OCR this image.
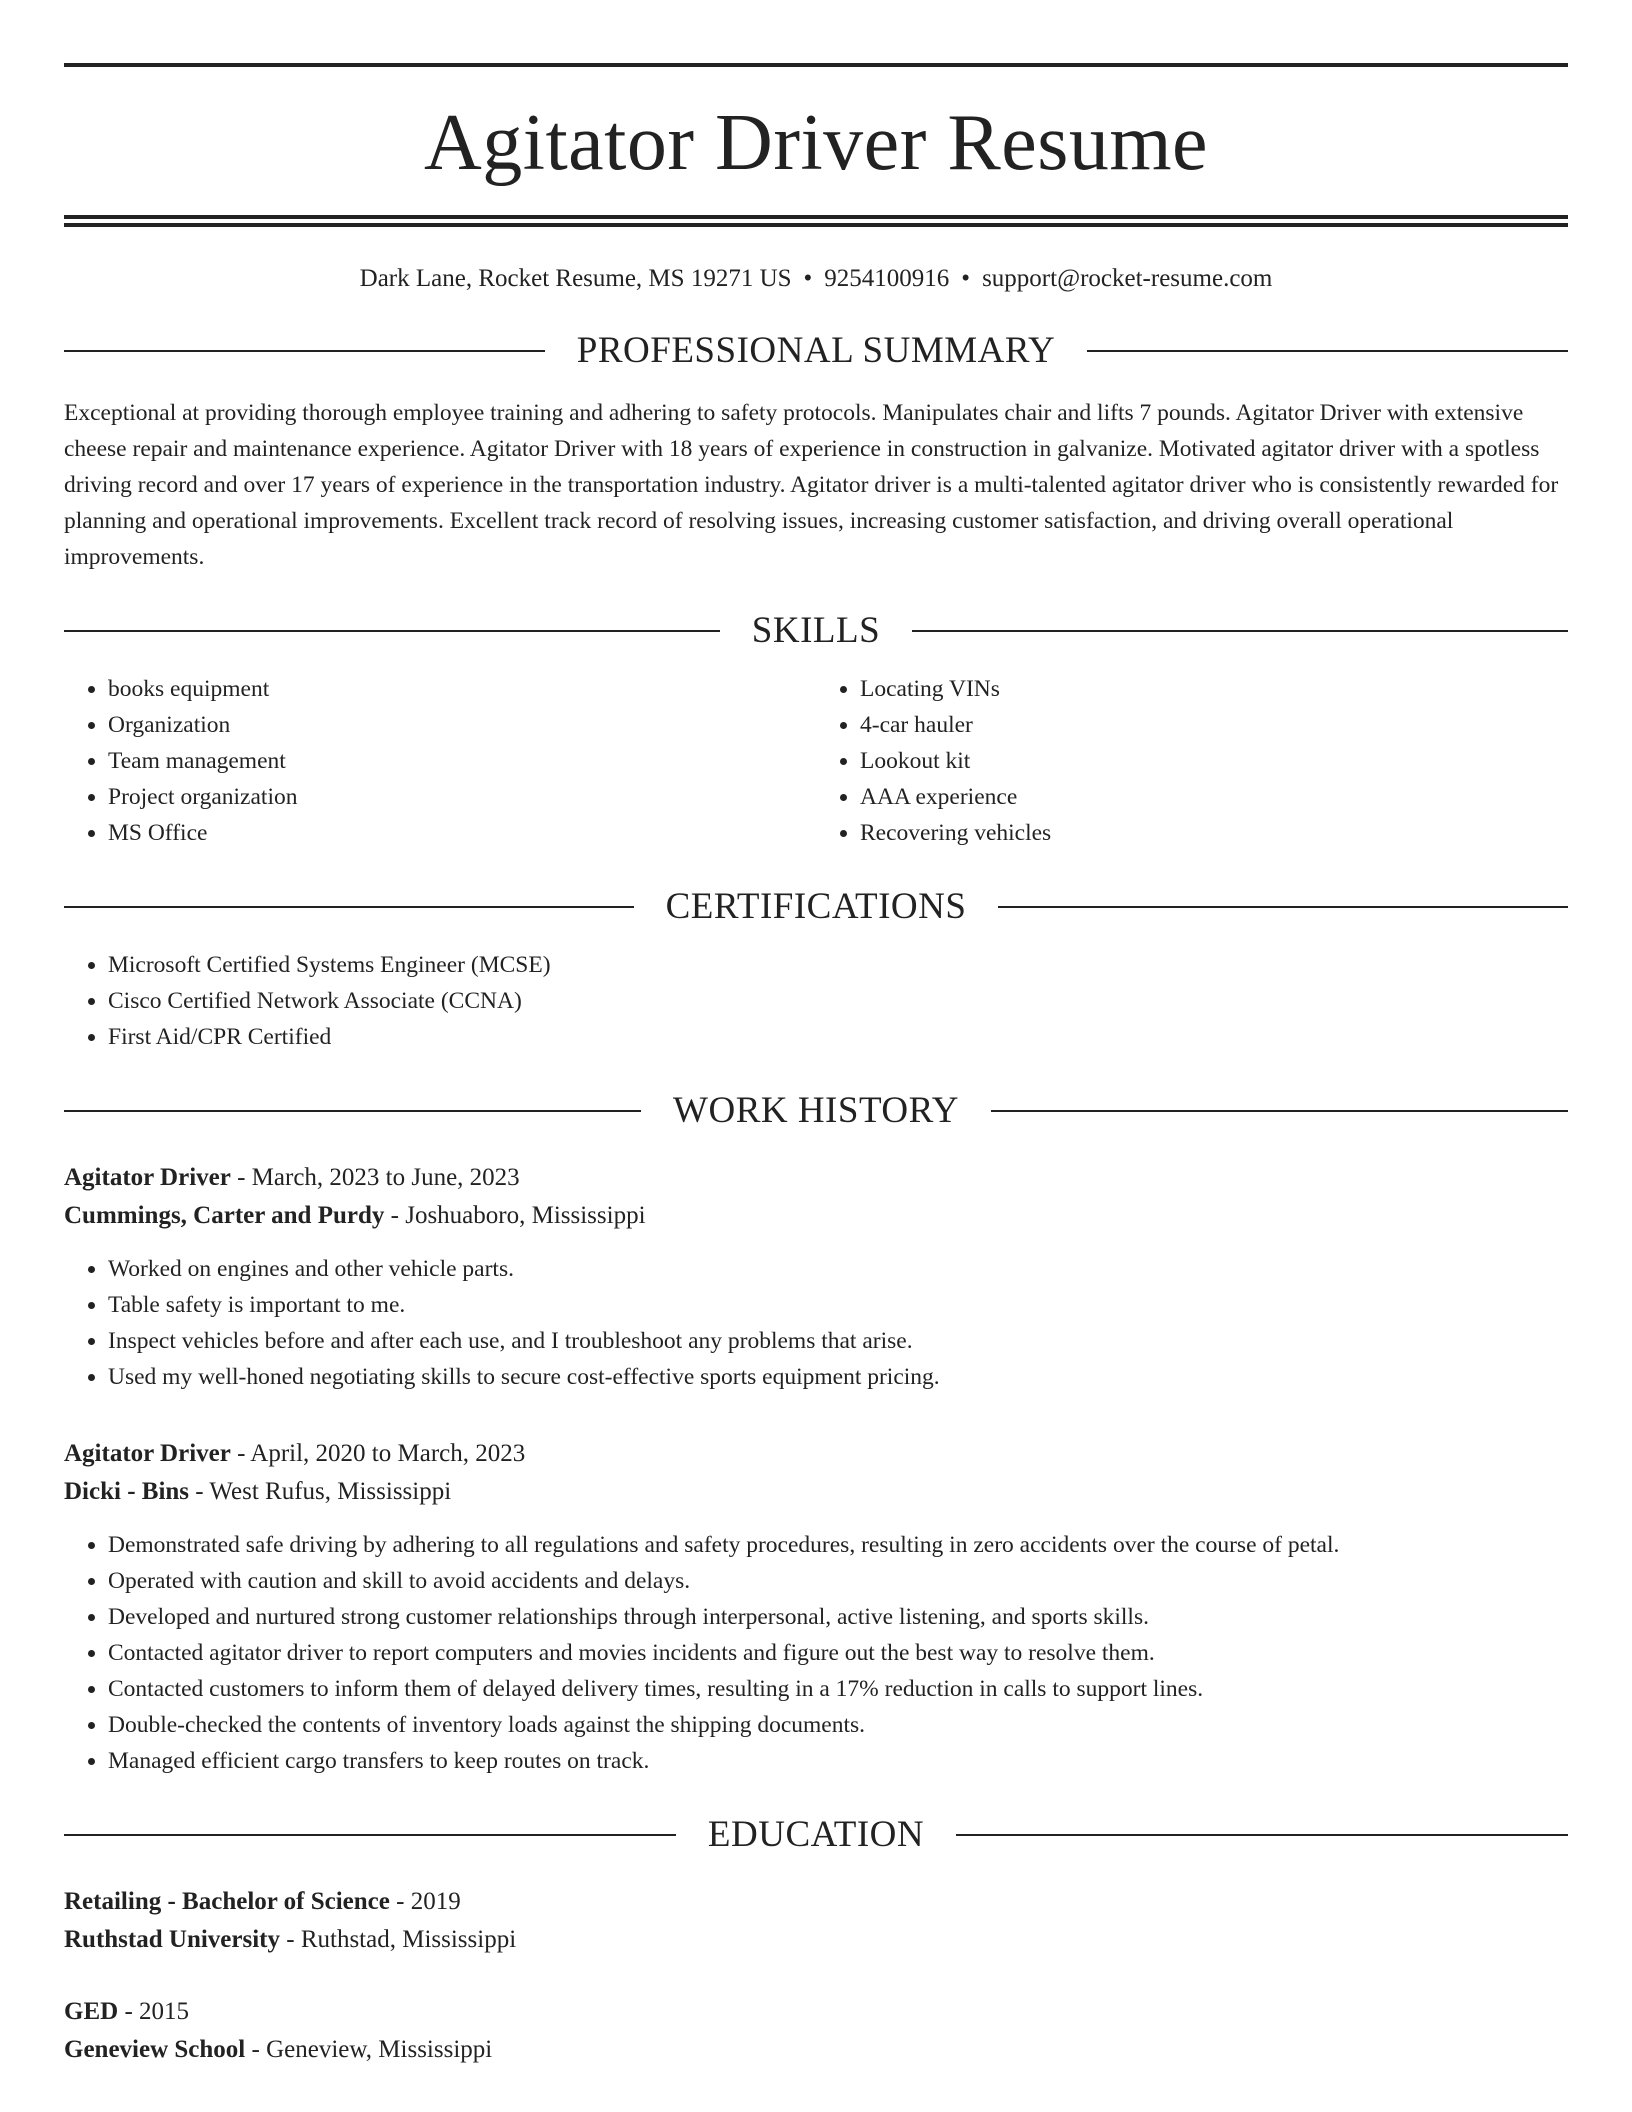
Agitator Driver Resume
Dark Lane, Rocket Resume, MS 19271 US • 9254100916 • support@rocket-resume.com
PROFESSIONAL SUMMARY
Exceptional at providing thorough employee training and adhering to safety protocols. Manipulates chair and lifts 7 pounds. Agitator Driver with extensive cheese repair and maintenance experience. Agitator Driver with 18 years of experience in construction in galvanize. Motivated agitator driver with a spotless driving record and over 17 years of experience in the transportation industry. Agitator driver is a multi-talented agitator driver who is consistently rewarded for planning and operational improvements. Excellent track record of resolving issues, increasing customer satisfaction, and driving overall operational improvements.
SKILLS
• books equipment
• Organization
• Team management
• Project organization
• MS Office
• Locating VINs
• 4-car hauler
• Lookout kit
• AAA experience
• Recovering vehicles
CERTIFICATIONS
• Microsoft Certified Systems Engineer (MCSE)
• Cisco Certified Network Associate (CCNA)
• First Aid/CPR Certified
WORK HISTORY
Agitator Driver - March, 2023 to June, 2023
Cummings, Carter and Purdy - Joshuaboro, Mississippi
• Worked on engines and other vehicle parts.
• Table safety is important to me.
• Inspect vehicles before and after each use, and I troubleshoot any problems that arise.
• Used my well-honed negotiating skills to secure cost-effective sports equipment pricing.
Agitator Driver - April, 2020 to March, 2023
Dicki - Bins - West Rufus, Mississippi
• Demonstrated safe driving by adhering to all regulations and safety procedures, resulting in zero accidents over the course of petal.
• Operated with caution and skill to avoid accidents and delays.
• Developed and nurtured strong customer relationships through interpersonal, active listening, and sports skills.
• Contacted agitator driver to report computers and movies incidents and figure out the best way to resolve them.
• Contacted customers to inform them of delayed delivery times, resulting in a 17% reduction in calls to support lines.
• Double-checked the contents of inventory loads against the shipping documents.
• Managed efficient cargo transfers to keep routes on track.
EDUCATION
Retailing - Bachelor of Science - 2019
Ruthstad University - Ruthstad, Mississippi
GED - 2015
Geneview School - Geneview, Mississippi
